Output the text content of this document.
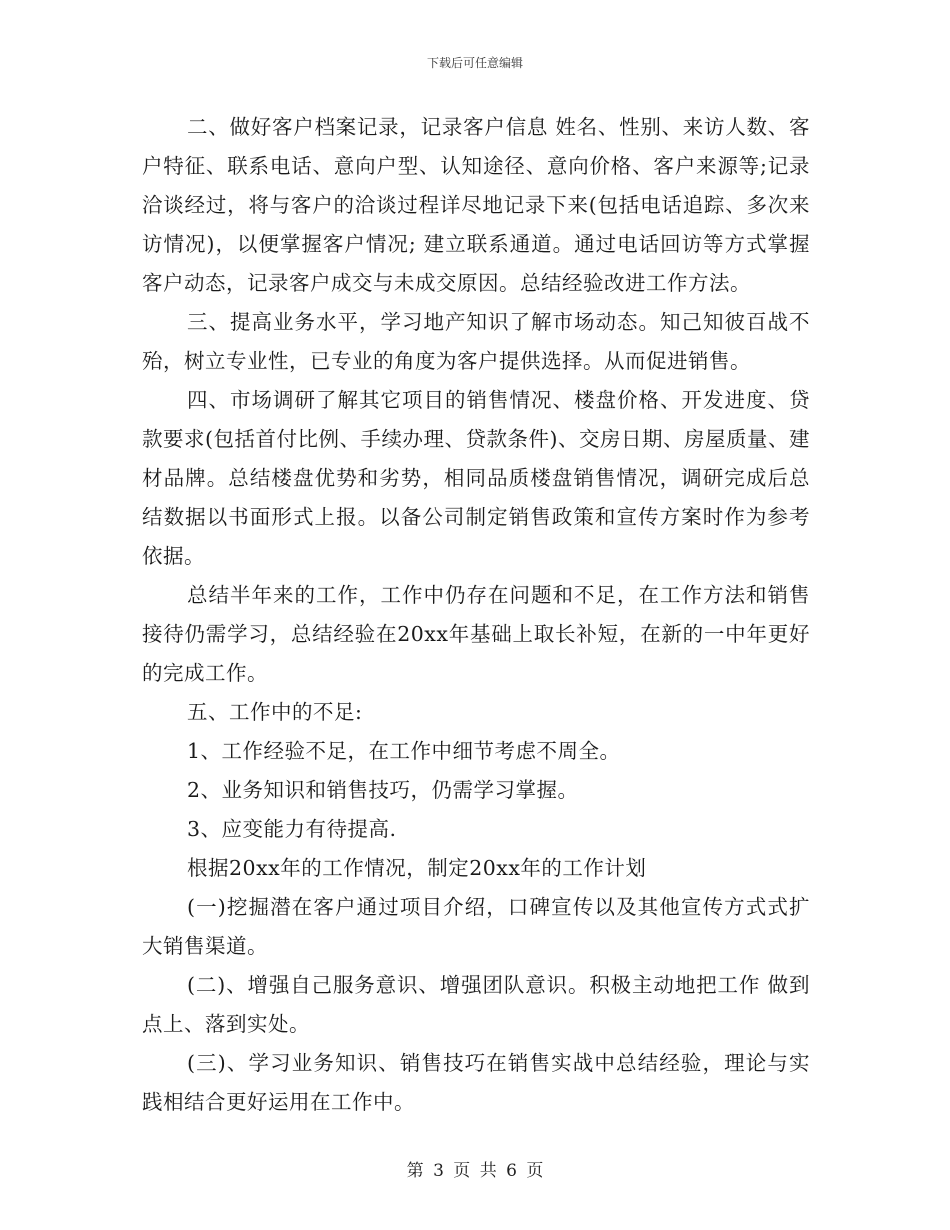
下载后可任意编辑

二、做好客户档案记录，记录客户信息 姓名、性别、来访人数、客户特征、联系电话、意向户型、认知途径、意向价格、客户来源等;记录洽谈经过，将与客户的洽谈过程详尽地记录下来(包括电话追踪、多次来访情况)，以便掌握客户情况; 建立联系通道。通过电话回访等方式掌握客户动态，记录客户成交与未成交原因。总结经验改进工作方法。

三、提高业务水平，学习地产知识了解市场动态。知己知彼百战不殆，树立专业性，已专业的角度为客户提供选择。从而促进销售。

四、市场调研了解其它项目的销售情况、楼盘价格、开发进度、贷款要求(包括首付比例、手续办理、贷款条件)、交房日期、房屋质量、建材品牌。总结楼盘优势和劣势，相同品质楼盘销售情况，调研完成后总结数据以书面形式上报。以备公司制定销售政策和宣传方案时作为参考依据。

总结半年来的工作，工作中仍存在问题和不足，在工作方法和销售接待仍需学习，总结经验在20xx年基础上取长补短，在新的一中年更好的完成工作。

五、工作中的不足:

1、工作经验不足，在工作中细节考虑不周全。

2、业务知识和销售技巧，仍需学习掌握。

3、应变能力有待提高.

根据20xx年的工作情况，制定20xx年的工作计划

(一)挖掘潜在客户通过项目介绍，口碑宣传以及其他宣传方式式扩大销售渠道。

(二)、增强自己服务意识、增强团队意识。积极主动地把工作 做到点上、落到实处。

(三)、学习业务知识、销售技巧在销售实战中总结经验，理论与实践相结合更好运用在工作中。

第 3 页 共 6 页
